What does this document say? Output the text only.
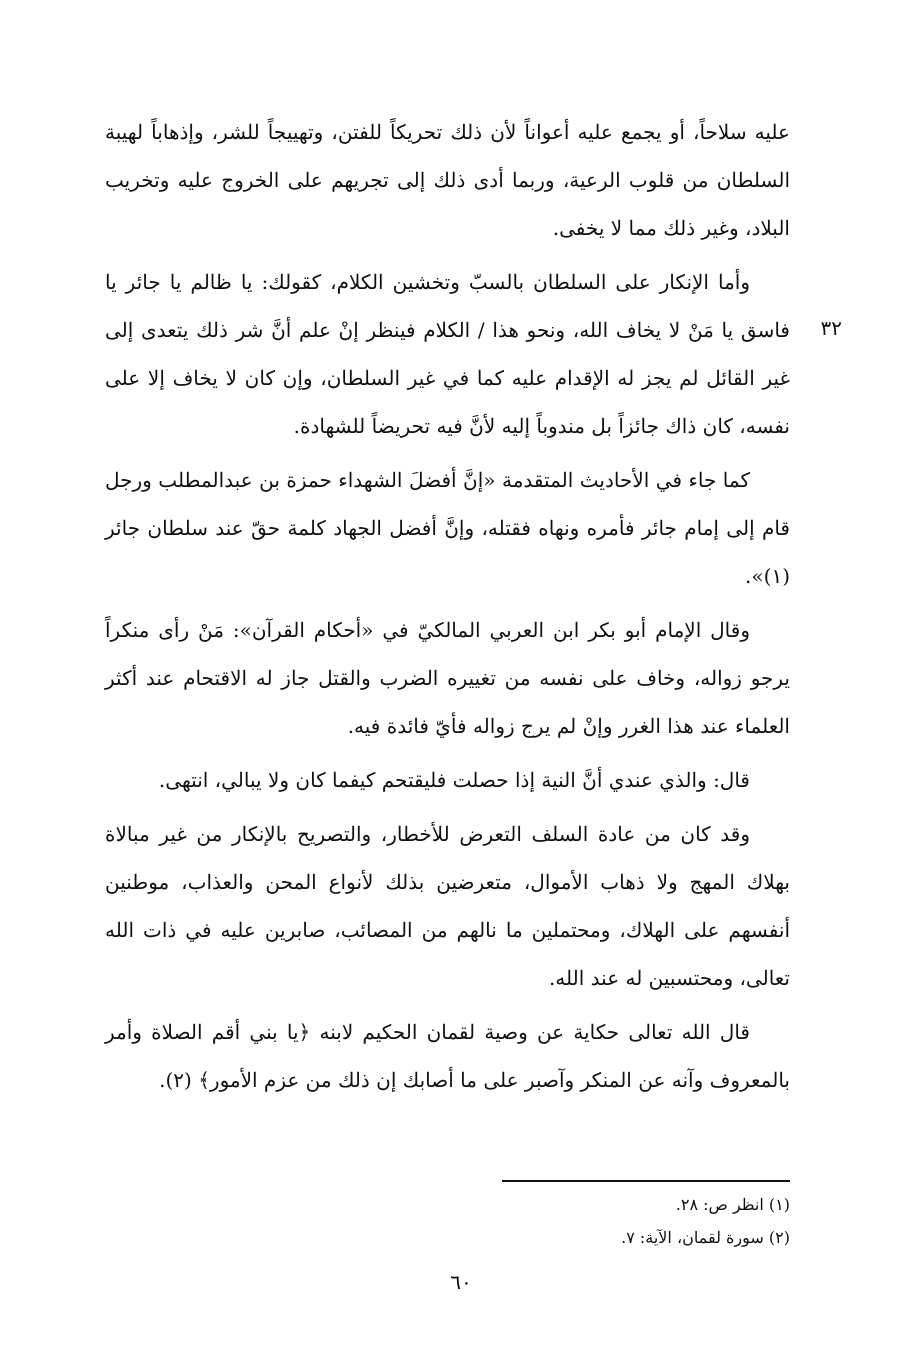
٣٢

عليه سلاحاً، أو يجمع عليه أعواناً لأن ذلك تحريكاً للفتن، وتهييجاً للشر، وإذهاباً لهيبة السلطان من قلوب الرعية، وربما أدى ذلك إلى تجريهم على الخروج عليه وتخريب البلاد، وغير ذلك مما لا يخفى.

وأما الإنكار على السلطان بالسبّ وتخشين الكلام، كقولك: يا ظالم يا جائر يا فاسق يا مَنْ لا يخاف الله، ونحو هذا / الكلام فينظر إنْ علم أنَّ شر ذلك يتعدى إلى غير القائل لم يجز له الإقدام عليه كما في غير السلطان، وإن كان لا يخاف إلا على نفسه، كان ذاك جائزاً بل مندوباً إليه لأنَّ فيه تحريضاً للشهادة.

كما جاء في الأحاديث المتقدمة «إنَّ أفضلَ الشهداء حمزة بن عبدالمطلب ورجل قام إلى إمام جائر فأمره ونهاه فقتله، وإنَّ أفضل الجهاد كلمة حقّ عند سلطان جائر (١)».

وقال الإمام أبو بكر ابن العربي المالكيّ في «أحكام القرآن»: مَنْ رأى منكراً يرجو زواله، وخاف على نفسه من تغييره الضرب والقتل جاز له الاقتحام عند أكثر العلماء عند هذا الغرر وإنْ لم يرج زواله فأيّ فائدة فيه.

قال: والذي عندي أنَّ النية إذا حصلت فليقتحم كيفما كان ولا يبالي، انتهى.

وقد كان من عادة السلف التعرض للأخطار، والتصريح بالإنكار من غير مبالاة بهلاك المهج ولا ذهاب الأموال، متعرضين بذلك لأنواع المحن والعذاب، موطنين أنفسهم على الهلاك، ومحتملين ما نالهم من المصائب، صابرين عليه في ذات الله تعالى، ومحتسبين له عند الله.

قال الله تعالى حكاية عن وصية لقمان الحكيم لابنه ﴿يا بني أقم الصلاة وأمر بالمعروف وآنه عن المنكر وآصبر على ما أصابك إن ذلك من عزم الأمور﴾ (٢).

(١) انظر ص: ٢٨.

(٢) سورة لقمان، الآية: ٧.

٦٠
